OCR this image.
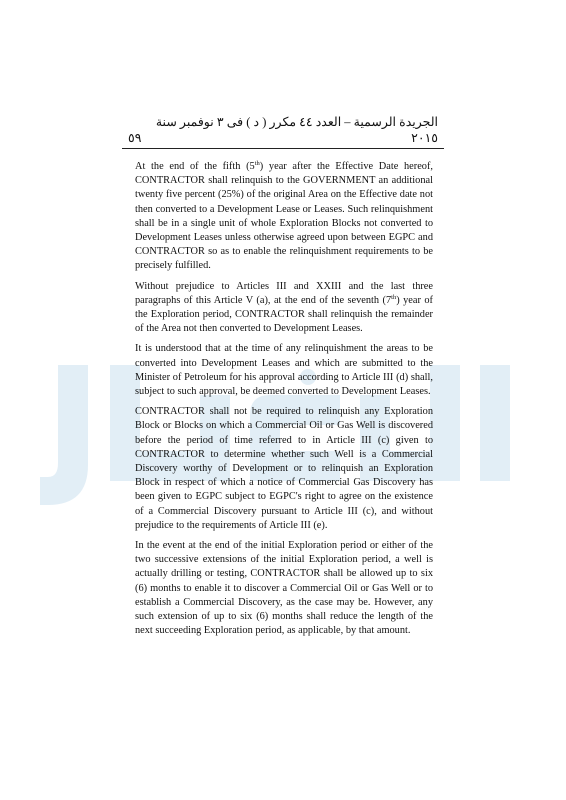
٥٩
الجريدة الرسمية – العدد ٤٤ مكرر ( د ) فى ٣ نوفمبر سنة ٢٠١٥

At the end of the fifth (5th) year after the Effective Date hereof, CONTRACTOR shall relinquish to the GOVERNMENT an additional twenty five percent (25%) of the original Area on the Effective date not then converted to a Development Lease or Leases. Such relinquishment shall be in a single unit of whole Exploration Blocks not converted to Development Leases unless otherwise agreed upon between EGPC and CONTRACTOR so as to enable the relinquishment requirements to be precisely fulfilled.

Without prejudice to Articles III and XXIII and the last three paragraphs of this Article V (a), at the end of the seventh (7th) year of the Exploration period, CONTRACTOR shall relinquish the remainder of the Area not then converted to Development Leases.

It is understood that at the time of any relinquishment the areas to be converted into Development Leases and which are submitted to the Minister of Petroleum for his approval according to Article III (d) shall, subject to such approval, be deemed converted to Development Leases.

CONTRACTOR shall not be required to relinquish any Exploration Block or Blocks on which a Commercial Oil or Gas Well is discovered before the period of time referred to in Article III (c) given to CONTRACTOR to determine whether such Well is a Commercial Discovery worthy of Development or to relinquish an Exploration Block in respect of which a notice of Commercial Gas Discovery has been given to EGPC subject to EGPC's right to agree on the existence of a Commercial Discovery pursuant to Article III (c), and without prejudice to the requirements of Article III (e).

In the event at the end of the initial Exploration period or either of the two successive extensions of the initial Exploration period, a well is actually drilling or testing, CONTRACTOR shall be allowed up to six (6) months to enable it to discover a Commercial Oil or Gas Well or to establish a Commercial Discovery, as the case may be. However, any such extension of up to six (6) months shall reduce the length of the next succeeding Exploration period, as applicable, by that amount.
